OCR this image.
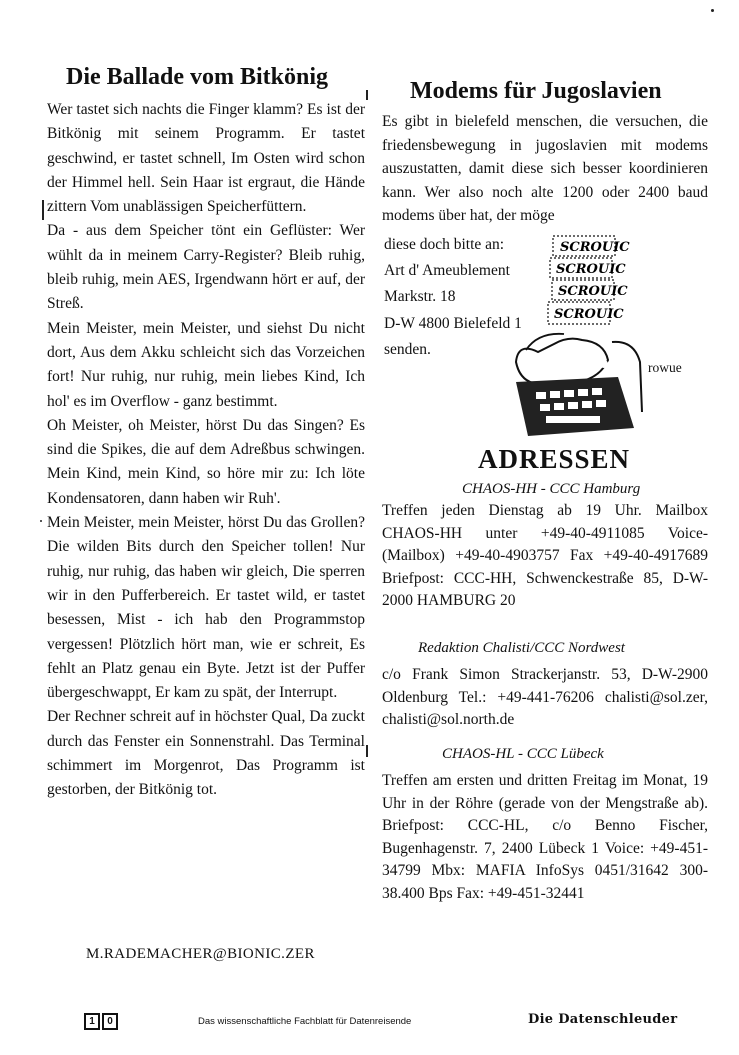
Die Ballade vom Bitkönig

Wer tastet sich nachts die Finger klamm? Es ist der Bitkönig mit seinem Programm. Er tastet geschwind, er tastet schnell, Im Osten wird schon der Himmel hell. Sein Haar ist ergraut, die Hände zittern Vom unablässigen Speicherfüttern.

Da - aus dem Speicher tönt ein Geflüster: Wer wühlt da in meinem Carry-Register? Bleib ruhig, bleib ruhig, mein AES, Irgendwann hört er auf, der Streß.

Mein Meister, mein Meister, und siehst Du nicht dort, Aus dem Akku schleicht sich das Vorzeichen fort! Nur ruhig, nur ruhig, mein liebes Kind, Ich hol' es im Overflow - ganz bestimmt.

Oh Meister, oh Meister, hörst Du das Singen? Es sind die Spikes, die auf dem Adreßbus schwingen. Mein Kind, mein Kind, so höre mir zu: Ich löte Kondensatoren, dann haben wir Ruh'.

Mein Meister, mein Meister, hörst Du das Grollen? Die wilden Bits durch den Speicher tollen! Nur ruhig, nur ruhig, das haben wir gleich, Die sperren wir in den Pufferbereich. Er tastet wild, er tastet besessen, Mist - ich hab den Programmstop vergessen! Plötzlich hört man, wie er schreit, Es fehlt an Platz genau ein Byte. Jetzt ist der Puffer übergeschwappt, Er kam zu spät, der Interrupt.

Der Rechner schreit auf in höchster Qual, Da zuckt durch das Fenster ein Sonnenstrahl. Das Terminal schimmert im Morgenrot, Das Programm ist gestorben, der Bitkönig tot.

M.RADEMACHER@BIONIC.ZER
Modems für Jugoslavien
Es gibt in bielefeld menschen, die versuchen, die friedensbewegung in jugoslavien mit modems auszustatten, damit diese sich besser koordinieren kann. Wer also noch alte 1200 oder 2400 baud modems über hat, der möge
diese doch bitte an:
Art d' Ameublement
Markstr. 18
D-W 4800 Bielefeld 1
senden.
SCROUIC
SCROUIC
SCROUIC
SCROUIC
rowue
ADRESSEN
CHAOS-HH - CCC Hamburg
Treffen jeden Dienstag ab 19 Uhr. Mailbox CHAOS-HH unter +49-40-4911085 Voice-(Mailbox) +49-40-4903757 Fax +49-40-4917689 Briefpost: CCC-HH, Schwenckestraße 85, D-W-2000 HAMBURG 20
Redaktion Chalisti/CCC Nordwest
c/o Frank Simon Strackerjanstr. 53, D-W-2900 Oldenburg Tel.: +49-441-76206 chalisti@sol.zer, chalisti@sol.north.de
CHAOS-HL - CCC Lübeck
Treffen am ersten und dritten Freitag im Monat, 19 Uhr in der Röhre (gerade von der Mengstraße ab). Briefpost: CCC-HL, c/o Benno Fischer, Bugenhagenstr. 7, 2400 Lübeck 1 Voice: +49-451-34799 Mbx: MAFIA InfoSys 0451/31642 300-38.400 Bps Fax: +49-451-32441
1	0	Das wissenschaftliche Fachblatt für Datenreisende	Die Datenschleuder
